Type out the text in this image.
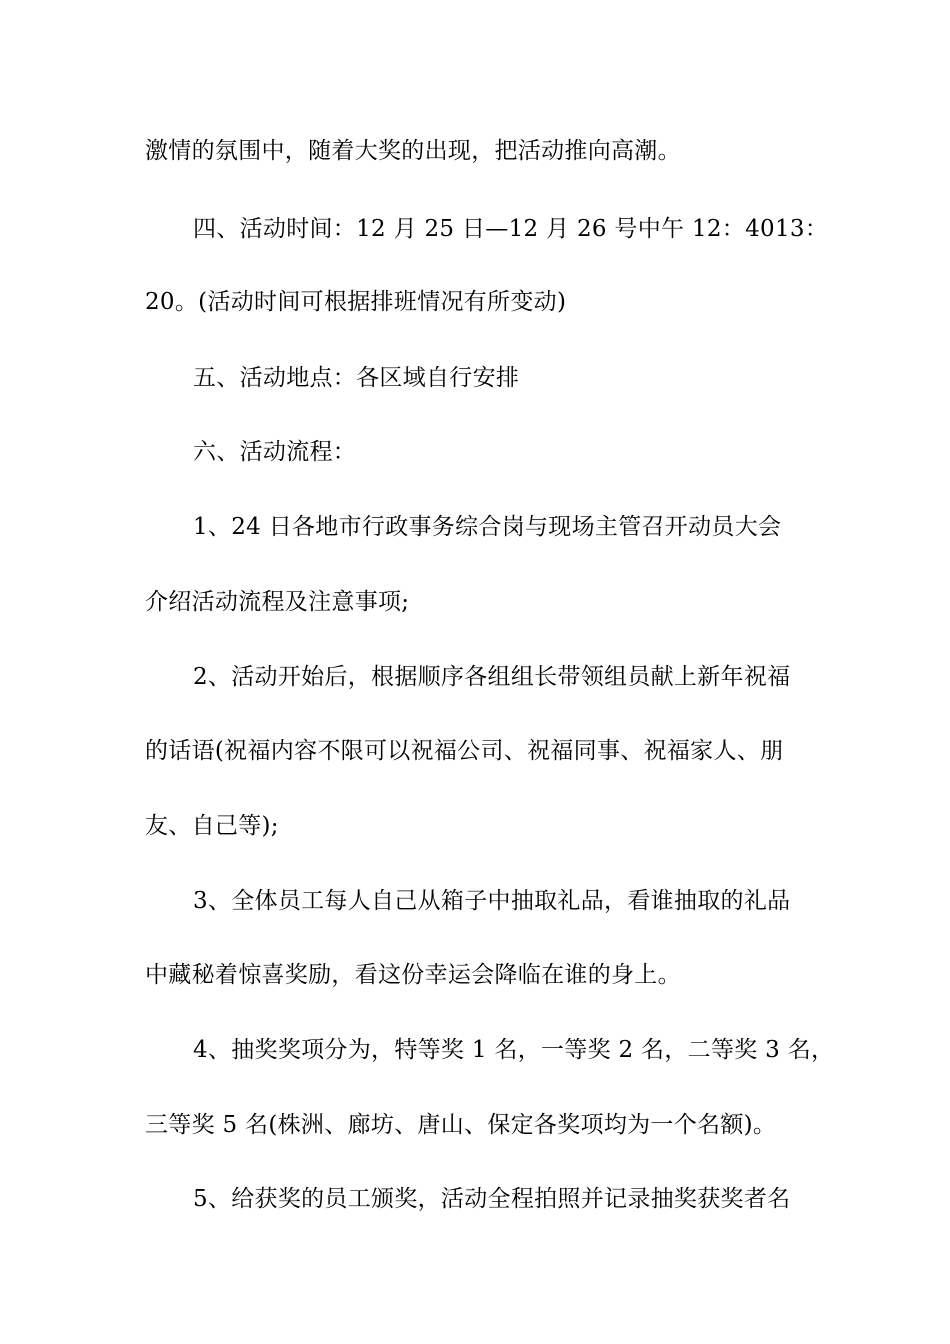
激情的氛围中，随着大奖的出现，把活动推向高潮。
四、活动时间：12 月 25 日—12 月 26 号中午 12：4013：
20。(活动时间可根据排班情况有所变动)
五、活动地点：各区域自行安排
六、活动流程：
1、24 日各地市行政事务综合岗与现场主管召开动员大会
介绍活动流程及注意事项;
2、活动开始后，根据顺序各组组长带领组员献上新年祝福
的话语(祝福内容不限可以祝福公司、祝福同事、祝福家人、朋
友、自己等);
3、全体员工每人自己从箱子中抽取礼品，看谁抽取的礼品
中藏秘着惊喜奖励，看这份幸运会降临在谁的身上。
4、抽奖奖项分为，特等奖 1 名，一等奖 2 名，二等奖 3 名，
三等奖 5 名(株洲、廊坊、唐山、保定各奖项均为一个名额)。
5、给获奖的员工颁奖，活动全程拍照并记录抽奖获奖者名
